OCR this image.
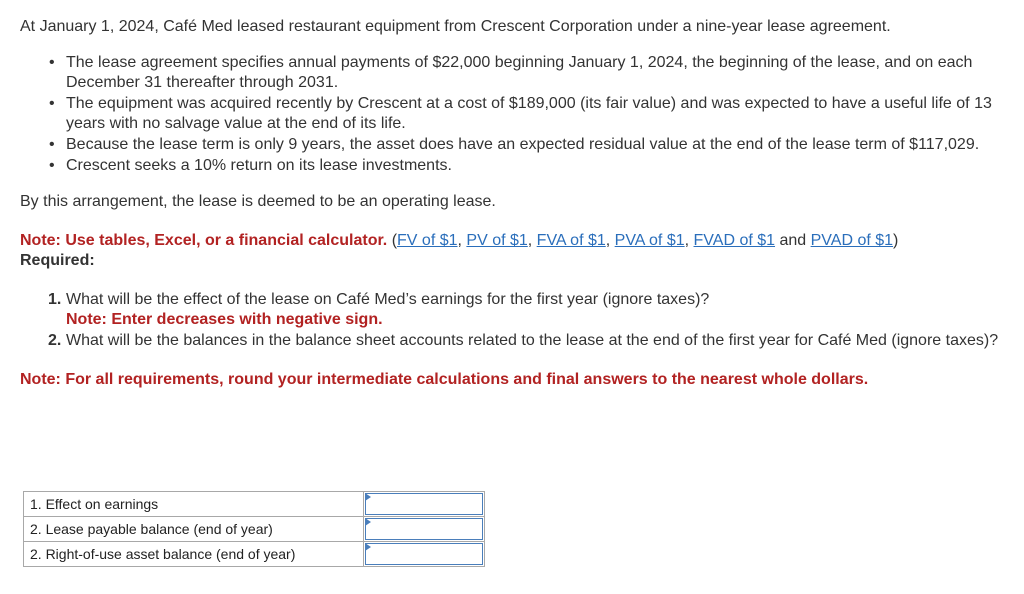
At January 1, 2024, Café Med leased restaurant equipment from Crescent Corporation under a nine-year lease agreement.

• The lease agreement specifies annual payments of $22,000 beginning January 1, 2024, the beginning of the lease, and on each December 31 thereafter through 2031.
• The equipment was acquired recently by Crescent at a cost of $189,000 (its fair value) and was expected to have a useful life of 13 years with no salvage value at the end of its life.
• Because the lease term is only 9 years, the asset does have an expected residual value at the end of the lease term of $117,029.
• Crescent seeks a 10% return on its lease investments.

By this arrangement, the lease is deemed to be an operating lease.

Note: Use tables, Excel, or a financial calculator. (FV of $1, PV of $1, FVA of $1, PVA of $1, FVAD of $1 and PVAD of $1)

Required:

1. What will be the effect of the lease on Café Med’s earnings for the first year (ignore taxes)?
Note: Enter decreases with negative sign.
2. What will be the balances in the balance sheet accounts related to the lease at the end of the first year for Café Med (ignore taxes)?

Note: For all requirements, round your intermediate calculations and final answers to the nearest whole dollars.

1. Effect on earnings	

2. Lease payable balance (end of year)	

2. Right-of-use asset balance (end of year)	
